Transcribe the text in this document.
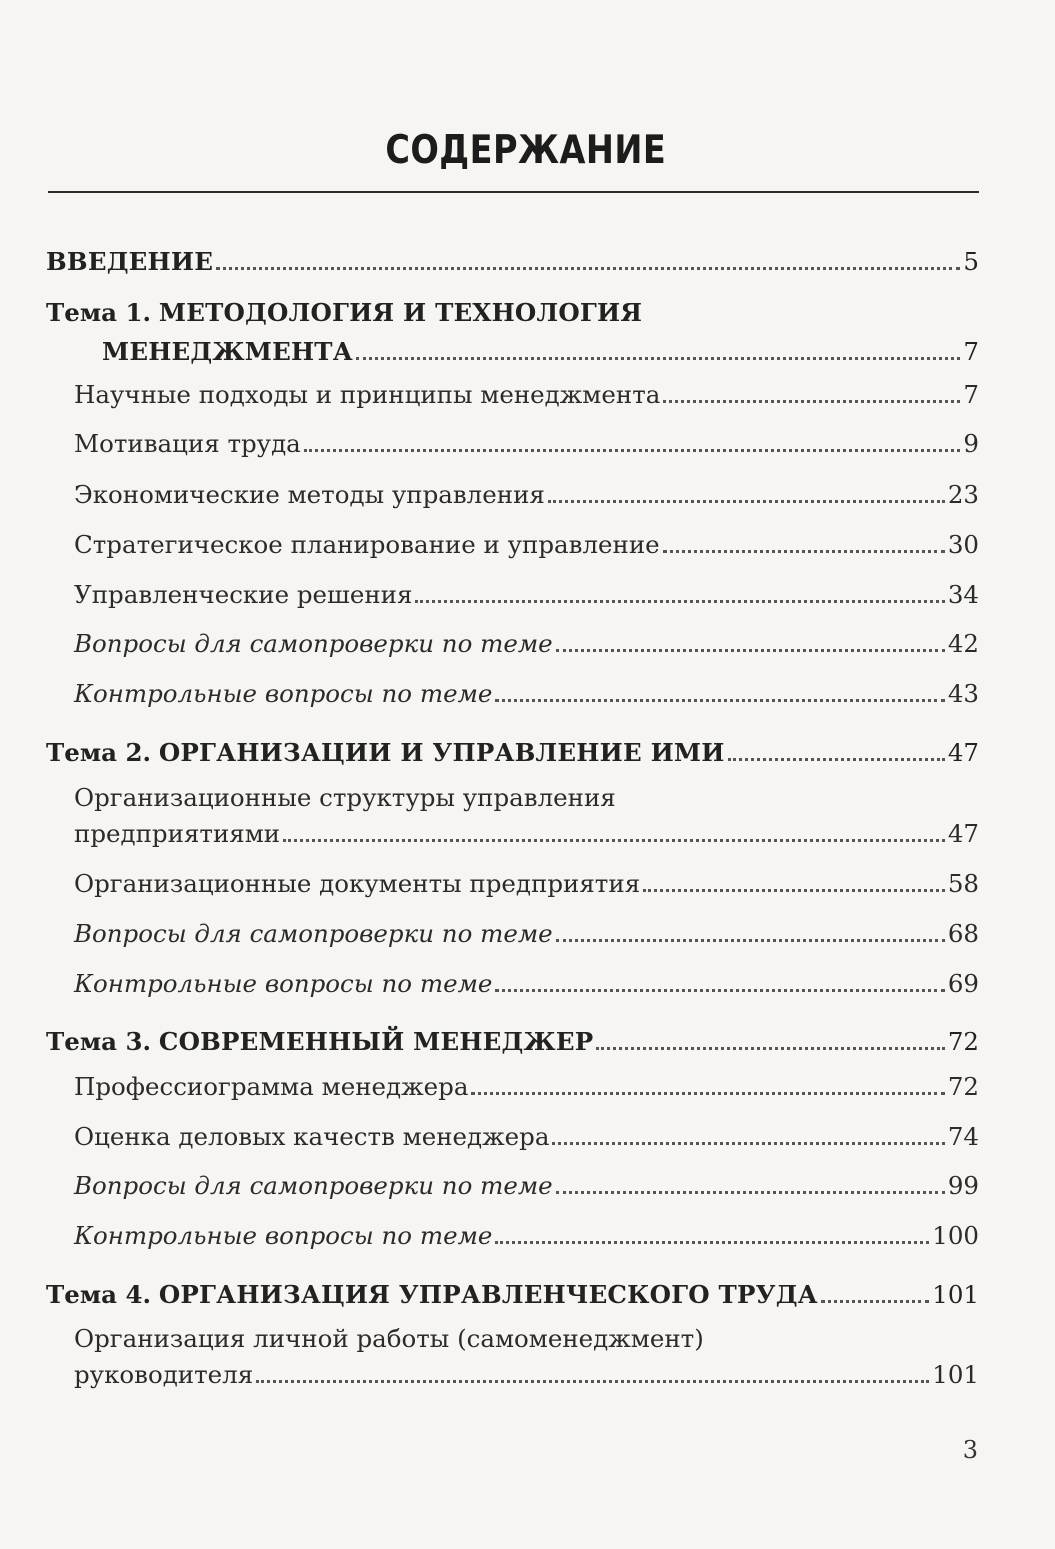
СОДЕРЖАНИЕ
ВВЕДЕНИЕ	5
Тема 1. МЕТОДОЛОГИЯ И ТЕХНОЛОГИЯ
МЕНЕДЖМЕНТА	7
Научные подходы и принципы менеджмента	7
Мотивация труда	9
Экономические методы управления	23
Стратегическое планирование и управление	30
Управленческие решения	34
Вопросы для самопроверки по теме	42
Контрольные вопросы по теме	43
Тема 2. ОРГАНИЗАЦИИ И УПРАВЛЕНИЕ ИМИ	47
Организационные структуры управления
предприятиями	47
Организационные документы предприятия	58
Вопросы для самопроверки по теме	68
Контрольные вопросы по теме	69
Тема 3. СОВРЕМЕННЫЙ МЕНЕДЖЕР	72
Профессиограмма менеджера	72
Оценка деловых качеств менеджера	74
Вопросы для самопроверки по теме	99
Контрольные вопросы по теме	100
Тема 4. ОРГАНИЗАЦИЯ УПРАВЛЕНЧЕСКОГО ТРУДА	101
Организация личной работы (самоменеджмент)
руководителя	101
3
